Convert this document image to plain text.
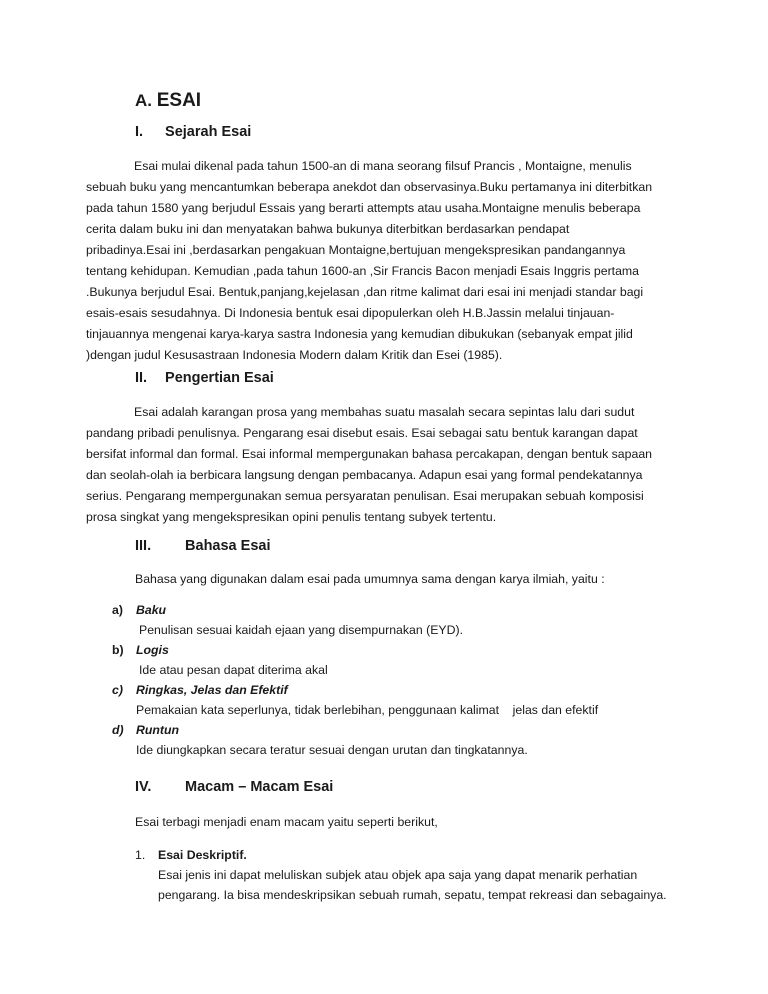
A. ESAI
I. Sejarah Esai
Esai mulai dikenal pada tahun 1500-an di mana seorang filsuf Prancis , Montaigne, menulis
sebuah buku yang mencantumkan beberapa anekdot dan observasinya.Buku pertamanya ini diterbitkan
pada tahun 1580 yang berjudul Essais yang berarti attempts atau usaha.Montaigne menulis beberapa
cerita dalam buku ini dan menyatakan bahwa bukunya diterbitkan berdasarkan pendapat
pribadinya.Esai ini ,berdasarkan pengakuan Montaigne,bertujuan mengekspresikan pandangannya
tentang kehidupan. Kemudian ,pada tahun 1600-an ,Sir Francis Bacon menjadi Esais Inggris pertama
.Bukunya berjudul Esai. Bentuk,panjang,kejelasan ,dan ritme kalimat dari esai ini menjadi standar bagi
esais-esais sesudahnya. Di Indonesia bentuk esai dipopulerkan oleh H.B.Jassin melalui tinjauan-
tinjauannya mengenai karya-karya sastra Indonesia yang kemudian dibukukan (sebanyak empat jilid
)dengan judul Kesusastraan Indonesia Modern dalam Kritik dan Esei (1985).
II. Pengertian Esai
Esai adalah karangan prosa yang membahas suatu masalah secara sepintas lalu dari sudut
pandang pribadi penulisnya. Pengarang esai disebut esais. Esai sebagai satu bentuk karangan dapat
bersifat informal dan formal. Esai informal mempergunakan bahasa percakapan, dengan bentuk sapaan
dan seolah-olah ia berbicara langsung dengan pembacanya. Adapun esai yang formal pendekatannya
serius. Pengarang mempergunakan semua persyaratan penulisan. Esai merupakan sebuah komposisi
prosa singkat yang mengekspresikan opini penulis tentang subyek tertentu.
III. Bahasa Esai
Bahasa yang digunakan dalam esai pada umumnya sama dengan karya ilmiah, yaitu :
a) Baku
Penulisan sesuai kaidah ejaan yang disempurnakan (EYD).
b) Logis
Ide atau pesan dapat diterima akal
c) Ringkas, Jelas dan Efektif
Pemakaian kata seperlunya, tidak berlebihan, penggunaan kalimat    jelas dan efektif
d) Runtun
Ide diungkapkan secara teratur sesuai dengan urutan dan tingkatannya.
IV. Macam – Macam Esai
Esai terbagi menjadi enam macam yaitu seperti berikut,
1. Esai Deskriptif.
Esai jenis ini dapat meluliskan subjek atau objek apa saja yang dapat menarik perhatian
pengarang. Ia bisa mendeskripsikan sebuah rumah, sepatu, tempat rekreasi dan sebagainya.
